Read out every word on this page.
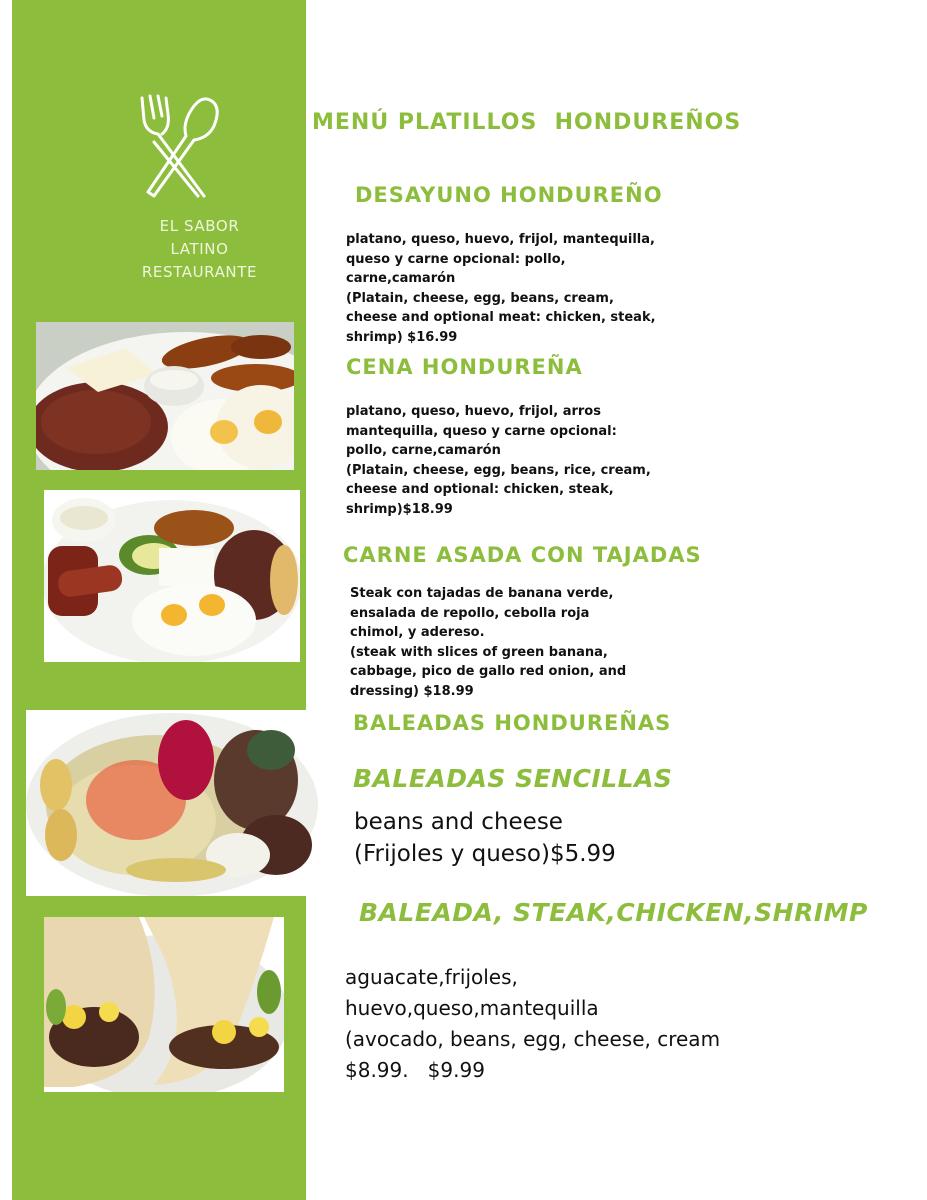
EL SABOR
LATINO
RESTAURANTE
MENÚ PLATILLOS  HONDUREÑOS
DESAYUNO HONDUREÑO

platano, queso, huevo, frijol, mantequilla,
queso y carne opcional: pollo,
carne,camarón
(Platain, cheese, egg, beans, cream,
cheese and optional meat: chicken, steak,
shrimp) $16.99

CENA HONDUREÑA

platano, queso, huevo, frijol, arros
mantequilla, queso y carne opcional:
pollo, carne,camarón
(Platain, cheese, egg, beans, rice, cream,
cheese and optional: chicken, steak,
shrimp)$18.99

CARNE ASADA CON TAJADAS

Steak con tajadas de banana verde,
ensalada de repollo, cebolla roja
chimol, y adereso.
(steak with slices of green banana,
cabbage, pico de gallo red onion, and
dressing) $18.99

BALEADAS HONDUREÑAS
BALEADAS SENCILLAS

beans and cheese
(Frijoles y queso)$5.99

BALEADA, STEAK,CHICKEN,SHRIMP

aguacate,frijoles,
huevo,queso,mantequilla
(avocado, beans, egg, cheese, cream
$8.99.   $9.99
